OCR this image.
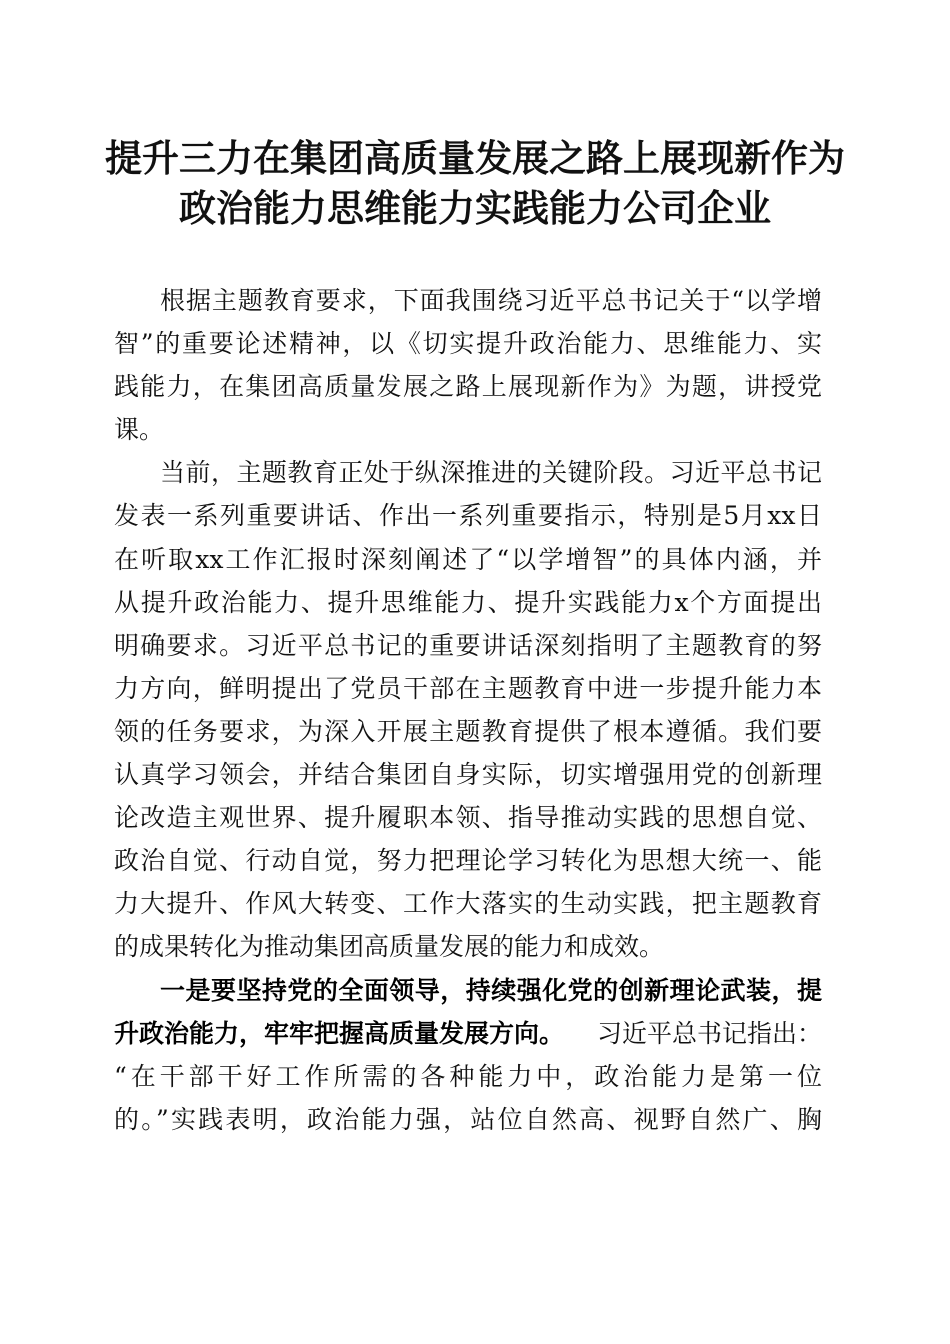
提升三力在集团高质量发展之路上展现新作为
政治能力思维能力实践能力公司企业
根据主题教育要求，下面我围绕习近平总书记关于“以学增
智”的重要论述精神，以《切实提升政治能力、思维能力、实
践能力，在集团高质量发展之路上展现新作为》为题，讲授党
课。
当前，主题教育正处于纵深推进的关键阶段。习近平总书记
发表一系列重要讲话、作出一系列重要指示，特别是5月xx日
在听取xx工作汇报时深刻阐述了“以学增智”的具体内涵，并
从提升政治能力、提升思维能力、提升实践能力x个方面提出
明确要求。习近平总书记的重要讲话深刻指明了主题教育的努
力方向，鲜明提出了党员干部在主题教育中进一步提升能力本
领的任务要求，为深入开展主题教育提供了根本遵循。我们要
认真学习领会，并结合集团自身实际，切实增强用党的创新理
论改造主观世界、提升履职本领、指导推动实践的思想自觉、
政治自觉、行动自觉，努力把理论学习转化为思想大统一、能
力大提升、作风大转变、工作大落实的生动实践，把主题教育
的成果转化为推动集团高质量发展的能力和成效。
一是要坚持党的全面领导，持续强化党的创新理论武装，提
升政治能力，牢牢把握高质量发展方向。 习近平总书记指出：
“在干部干好工作所需的各种能力中，政治能力是第一位
的。”实践表明，政治能力强，站位自然高、视野自然广、胸
